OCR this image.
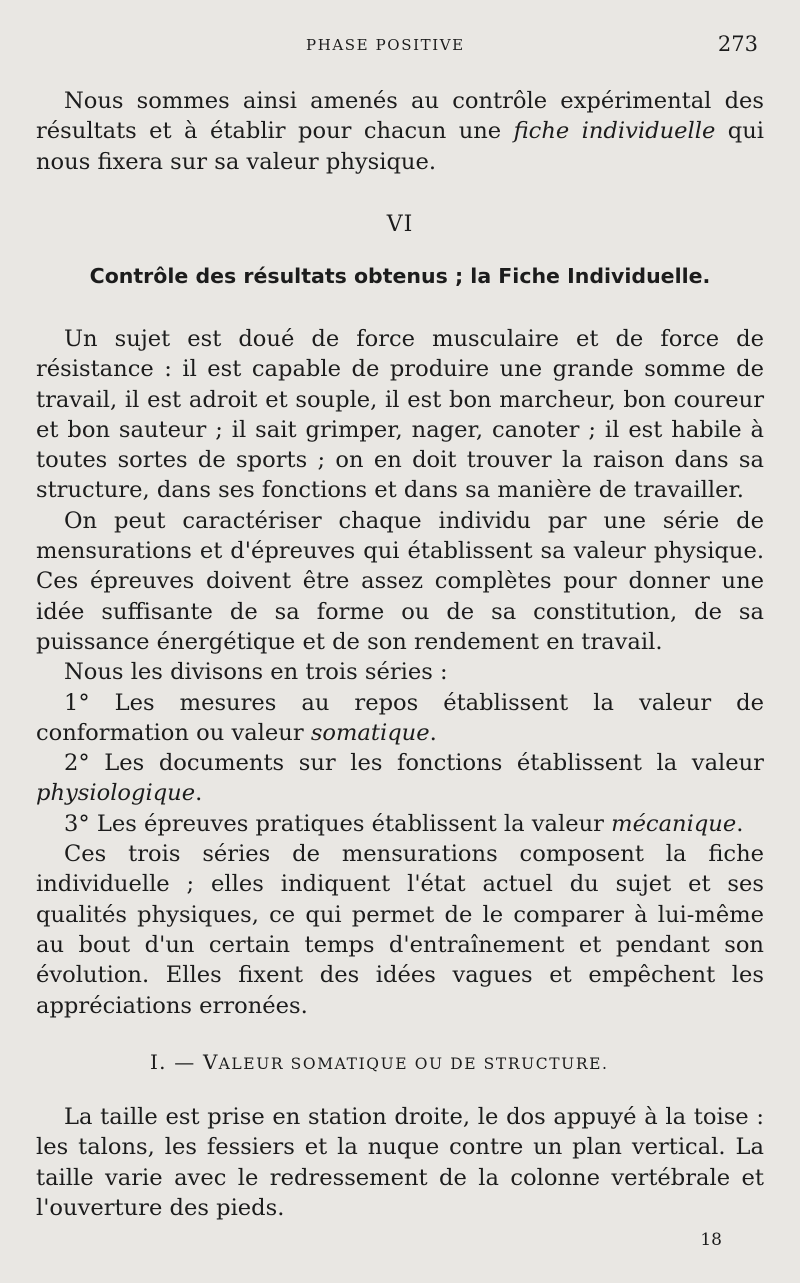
PHASE POSITIVE	273

Nous sommes ainsi amenés au contrôle expérimental des résultats et à établir pour chacun une fiche individuelle qui nous fixera sur sa valeur physique.

VI
Contrôle des résultats obtenus ; la Fiche Individuelle.

Un sujet est doué de force musculaire et de force de résistance : il est capable de produire une grande somme de travail, il est adroit et souple, il est bon marcheur, bon coureur et bon sauteur ; il sait grimper, nager, canoter ; il est habile à toutes sortes de sports ; on en doit trouver la raison dans sa structure, dans ses fonctions et dans sa manière de travailler.

On peut caractériser chaque individu par une série de mensurations et d'épreuves qui établissent sa valeur physique. Ces épreuves doivent être assez complètes pour donner une idée suffisante de sa forme ou de sa constitution, de sa puissance énergétique et de son rendement en travail.

Nous les divisons en trois séries :

1° Les mesures au repos établissent la valeur de conformation ou valeur somatique.

2° Les documents sur les fonctions établissent la valeur physiologique.

3° Les épreuves pratiques établissent la valeur mécanique.

Ces trois séries de mensurations composent la fiche individuelle ; elles indiquent l'état actuel du sujet et ses qualités physiques, ce qui permet de le comparer à lui-même au bout d'un certain temps d'entraînement et pendant son évolution. Elles fixent des idées vagues et empêchent les appréciations erronées.

I. — VALEUR SOMATIQUE OU DE STRUCTURE.

La taille est prise en station droite, le dos appuyé à la toise : les talons, les fessiers et la nuque contre un plan vertical. La taille varie avec le redressement de la colonne vertébrale et l'ouverture des pieds.

18
